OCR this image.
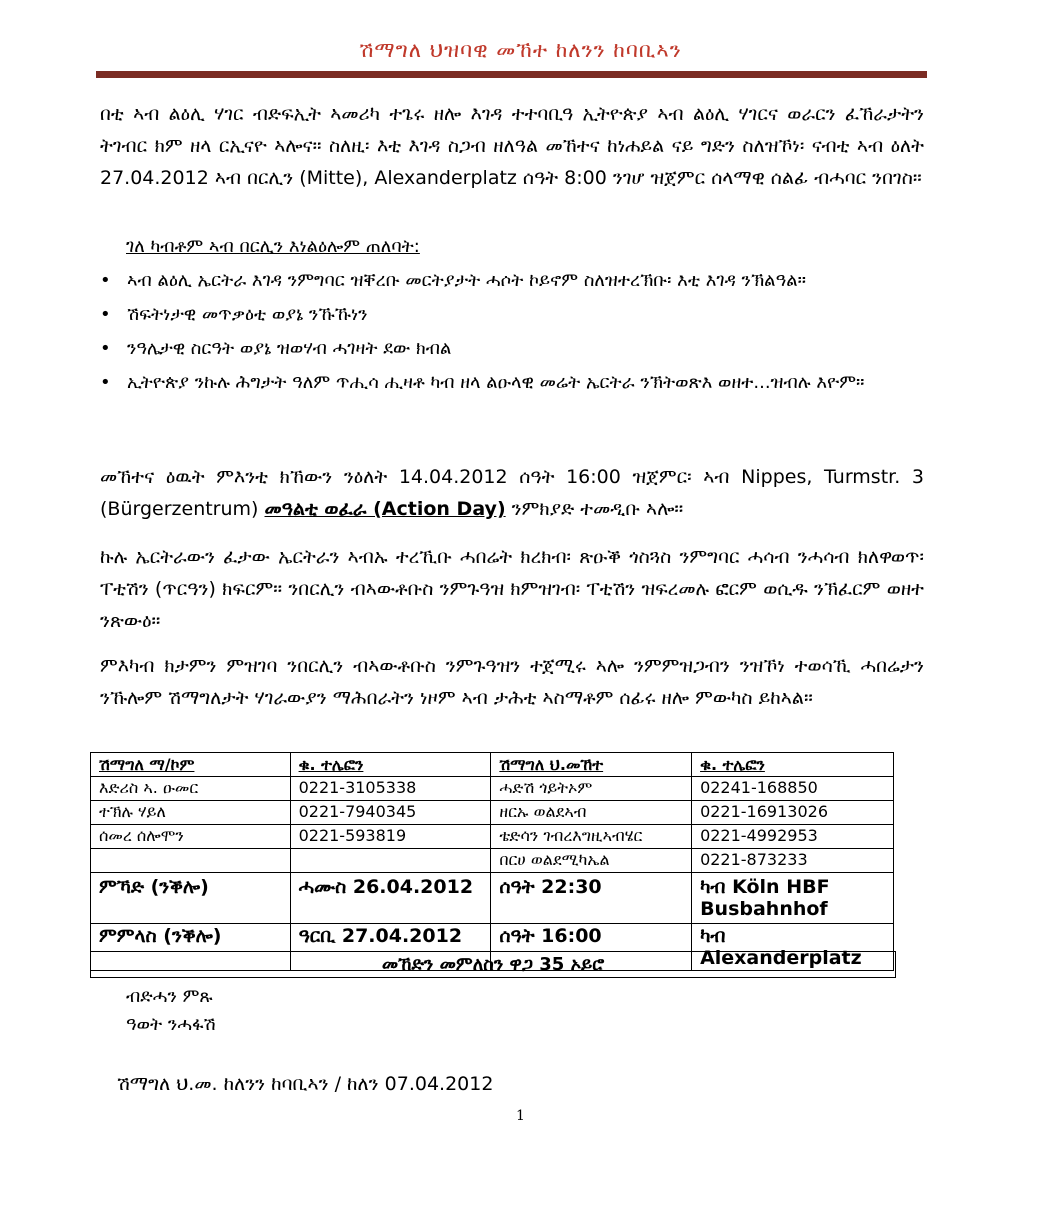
ሽማግለ ህዝባዊ መኸተ ከለንን ከባቢኣን
በቲ ኣብ ልዕሊ ሃገር ብድፍኢት ኣመሪካ ተጌሩ ዘሎ እገዳ ተተባቢዓ ኢትዮጵያ ኣብ ልዕሊ ሃገርና ወራርን ፈኸራታትን ትገብር ክም ዘላ ርኢናዮ ኣሎና። ስለዚ፡ እቲ እገዳ ስጋብ ዘለዓል መኸተና ከነሐይል ናይ ግድን ስለዝኾነ፡ ናብቲ ኣብ ዕለት 27.04.2012 ኣብ በርሊን (Mitte), Alexanderplatz ሰዓት 8:00 ንገሆ ዝጀምር ሰላማዊ ሰልፊ ብሓባር ንበገስ።
ገለ ካብቶም ኣብ በርሊን እነልዕሎም ጠለባት:
• ኣብ ልዕሊ ኤርትራ እገዳ ንምግባር ዝቐረቡ መርትያታት ሓሶት ኮይኖም ስለዝተረኽቡ፡ እቲ እገዳ ንኽልዓል።
• ሽፍትነታዊ መጥቃዕቲ ወያኔ ንኹኹነን
• ንዓሌታዊ ስርዓት ወያኔ ዝወሃብ ሓገዛት ደው ክብል
• ኢትዮጵያ ንኩሉ ሕግታት ዓለም ጥሒሳ ሒዛቶ ካብ ዘላ ልዑላዊ መሬት ኤርትራ ንኽትወጽእ ወዘተ...ዝብሉ እዮም።
መኸተና ዕዉት ምእንቲ ክኸውን ንዕለት 14.04.2012 ሰዓት 16:00 ዝጀምር፡ ኣብ Nippes, Turmstr. 3 (Bürgerzentrum) መዓልቲ ወፈራ (Action Day) ንምክያድ ተመዲቡ ኣሎ።
ኩሉ ኤርትራውን ፈታው ኤርትራን ኣብኡ ተረኺቡ ሓበሬት ክረክብ፡ ጽዑቕ ጎስጓስ ንምግባር ሓሳብ ንሓሳብ ክለዋወጥ፡ ፐቲሽን (ጥርዓን) ክፍርም። ንበርሊን ብኣውቶቡስ ንምጉዓዝ ክምዝገብ፡ ፐቲሽን ዝፍረመሉ ፎርም ወሲዱ ንኽፈርም ወዘተ ንጽውዕ።
ምእካብ ክታምን ምዝገባ ንበርሊን ብኣውቶቡስ ንምጉዓዝን ተጀሚሩ ኣሎ ንምምዝጋብን ንዝኾነ ተወሳኺ ሓበሬታን ንኹሎም ሽማግለታት ሃገራውያን ማሕበራትን ነዞም ኣብ ታሕቲ ኣስማቶም ሰፊሩ ዘሎ ምውካስ ይከኣል።
ሽማግለ ማ/ኮም	ቁ. ተሌፎን	ሽማግለ ህ.መኸተ	ቁ. ተሌፎን
እድሪስ ኣ. ዑመር	0221-3105338	ሓድሽ ጎይትኦም	02241-168850
ተኽሉ ሃይለ	0221-7940345	ዘርኡ ወልደኣብ	0221-16913026
ሰመረ ሰሎሞን	0221-593819	ቴድሳን ገብረእግዚኣብሄር	0221-4992953
		በርሀ ወልደሚካኤል	0221-873233
ምኻድ (ንቕሎ)	ሓሙስ 26.04.2012	ሰዓት 22:30	ካብ Köln HBF Busbahnhof
ምምላስ (ንቕሎ)	ዓርቢ 27.04.2012	ሰዓት 16:00	ካብ Alexanderplatz
መኸድን መምለስን ዋጋ 35 ኦይሮ
ብድሓን ምጹ
ዓወት ንሓፋሽ
ሽማግለ ህ.መ. ከለንን ከባቢኣን / ከለን 07.04.2012
1
